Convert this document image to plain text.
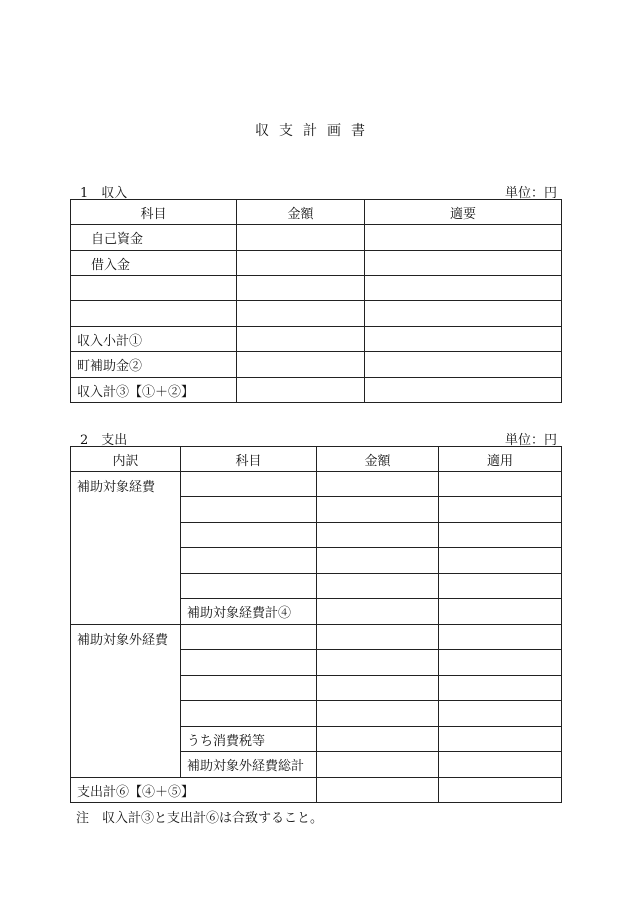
収支計画書
1　収入	単位：円
科目	金額	適要
自己資金		
借入金		

収入小計①		
町補助金②		
収入計③【①＋②】		
2　支出	単位：円
内訳	科目	金額	適用
補助対象経費			

	補助対象経費計④		
補助対象外経費			

	うち消費税等		
	補助対象外経費総計		
支出計⑥【④＋⑤】			
注　収入計③と支出計⑥は合致すること。
